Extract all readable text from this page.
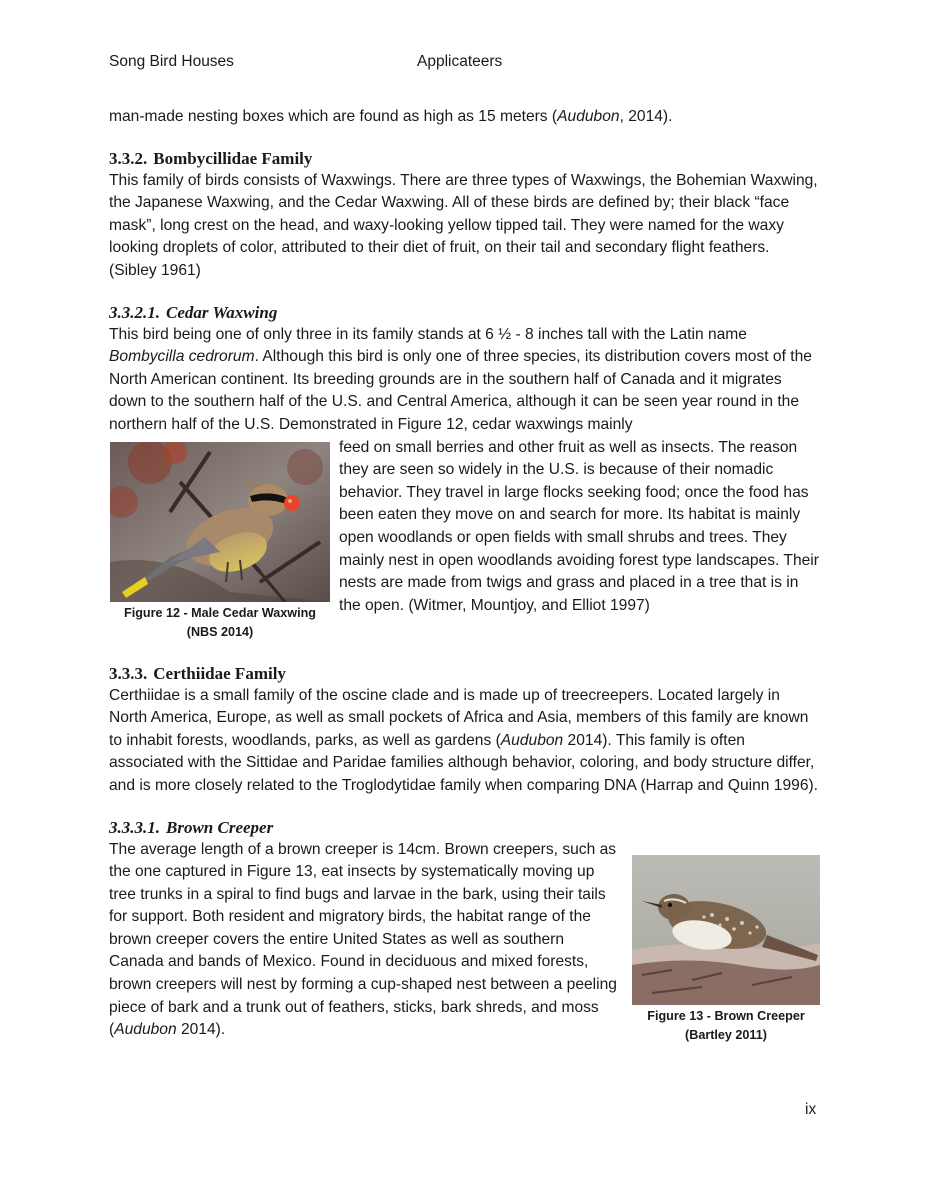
Song Bird Houses	Applicateers

man-made nesting boxes which are found as high as 15 meters (Audubon, 2014).

3.3.2. Bombycillidae Family

This family of birds consists of Waxwings. There are three types of Waxwings, the Bohemian Waxwing, the Japanese Waxwing, and the Cedar Waxwing. All of these birds are defined by; their black “face mask”, long crest on the head, and waxy-looking yellow tipped tail. They were named for the waxy looking droplets of color, attributed to their diet of fruit, on their tail and secondary flight feathers. (Sibley 1961)

3.3.2.1. Cedar Waxwing

This bird being one of only three in its family stands at 6 ½ - 8 inches tall with the Latin name Bombycilla cedrorum. Although this bird is only one of three species, its distribution covers most of the North American continent. Its breeding grounds are in the southern half of Canada and it migrates down to the southern half of the U.S. and Central America, although it can be seen year round in the northern half of the U.S. Demonstrated in Figure 12, cedar waxwings mainly

Figure 12 - Male Cedar Waxwing
(NBS 2014)

feed on small berries and other fruit as well as insects. The reason they are seen so widely in the U.S. is because of their nomadic behavior. They travel in large flocks seeking food; once the food has been eaten they move on and search for more. Its habitat is mainly open woodlands or open fields with small shrubs and trees. They mainly nest in open woodlands avoiding forest type landscapes. Their nests are made from twigs and grass and placed in a tree that is in the open. (Witmer, Mountjoy, and Elliot 1997)

3.3.3. Certhiidae Family

Certhiidae is a small family of the oscine clade and is made up of treecreepers. Located largely in North America, Europe, as well as small pockets of Africa and Asia, members of this family are known to inhabit forests, woodlands, parks, as well as gardens (Audubon 2014). This family is often associated with the Sittidae and Paridae families although behavior, coloring, and body structure differ, and is more closely related to the Troglodytidae family when comparing DNA (Harrap and Quinn 1996).

3.3.3.1. Brown Creeper
Figure 13 - Brown Creeper
(Bartley 2011)

The average length of a brown creeper is 14cm. Brown creepers, such as the one captured in Figure 13, eat insects by systematically moving up tree trunks in a spiral to find bugs and larvae in the bark, using their tails for support. Both resident and migratory birds, the habitat range of the brown creeper covers the entire United States as well as southern Canada and bands of Mexico. Found in deciduous and mixed forests, brown creepers will nest by forming a cup-shaped nest between a peeling piece of bark and a trunk out of feathers, sticks, bark shreds, and moss (Audubon 2014).

ix
